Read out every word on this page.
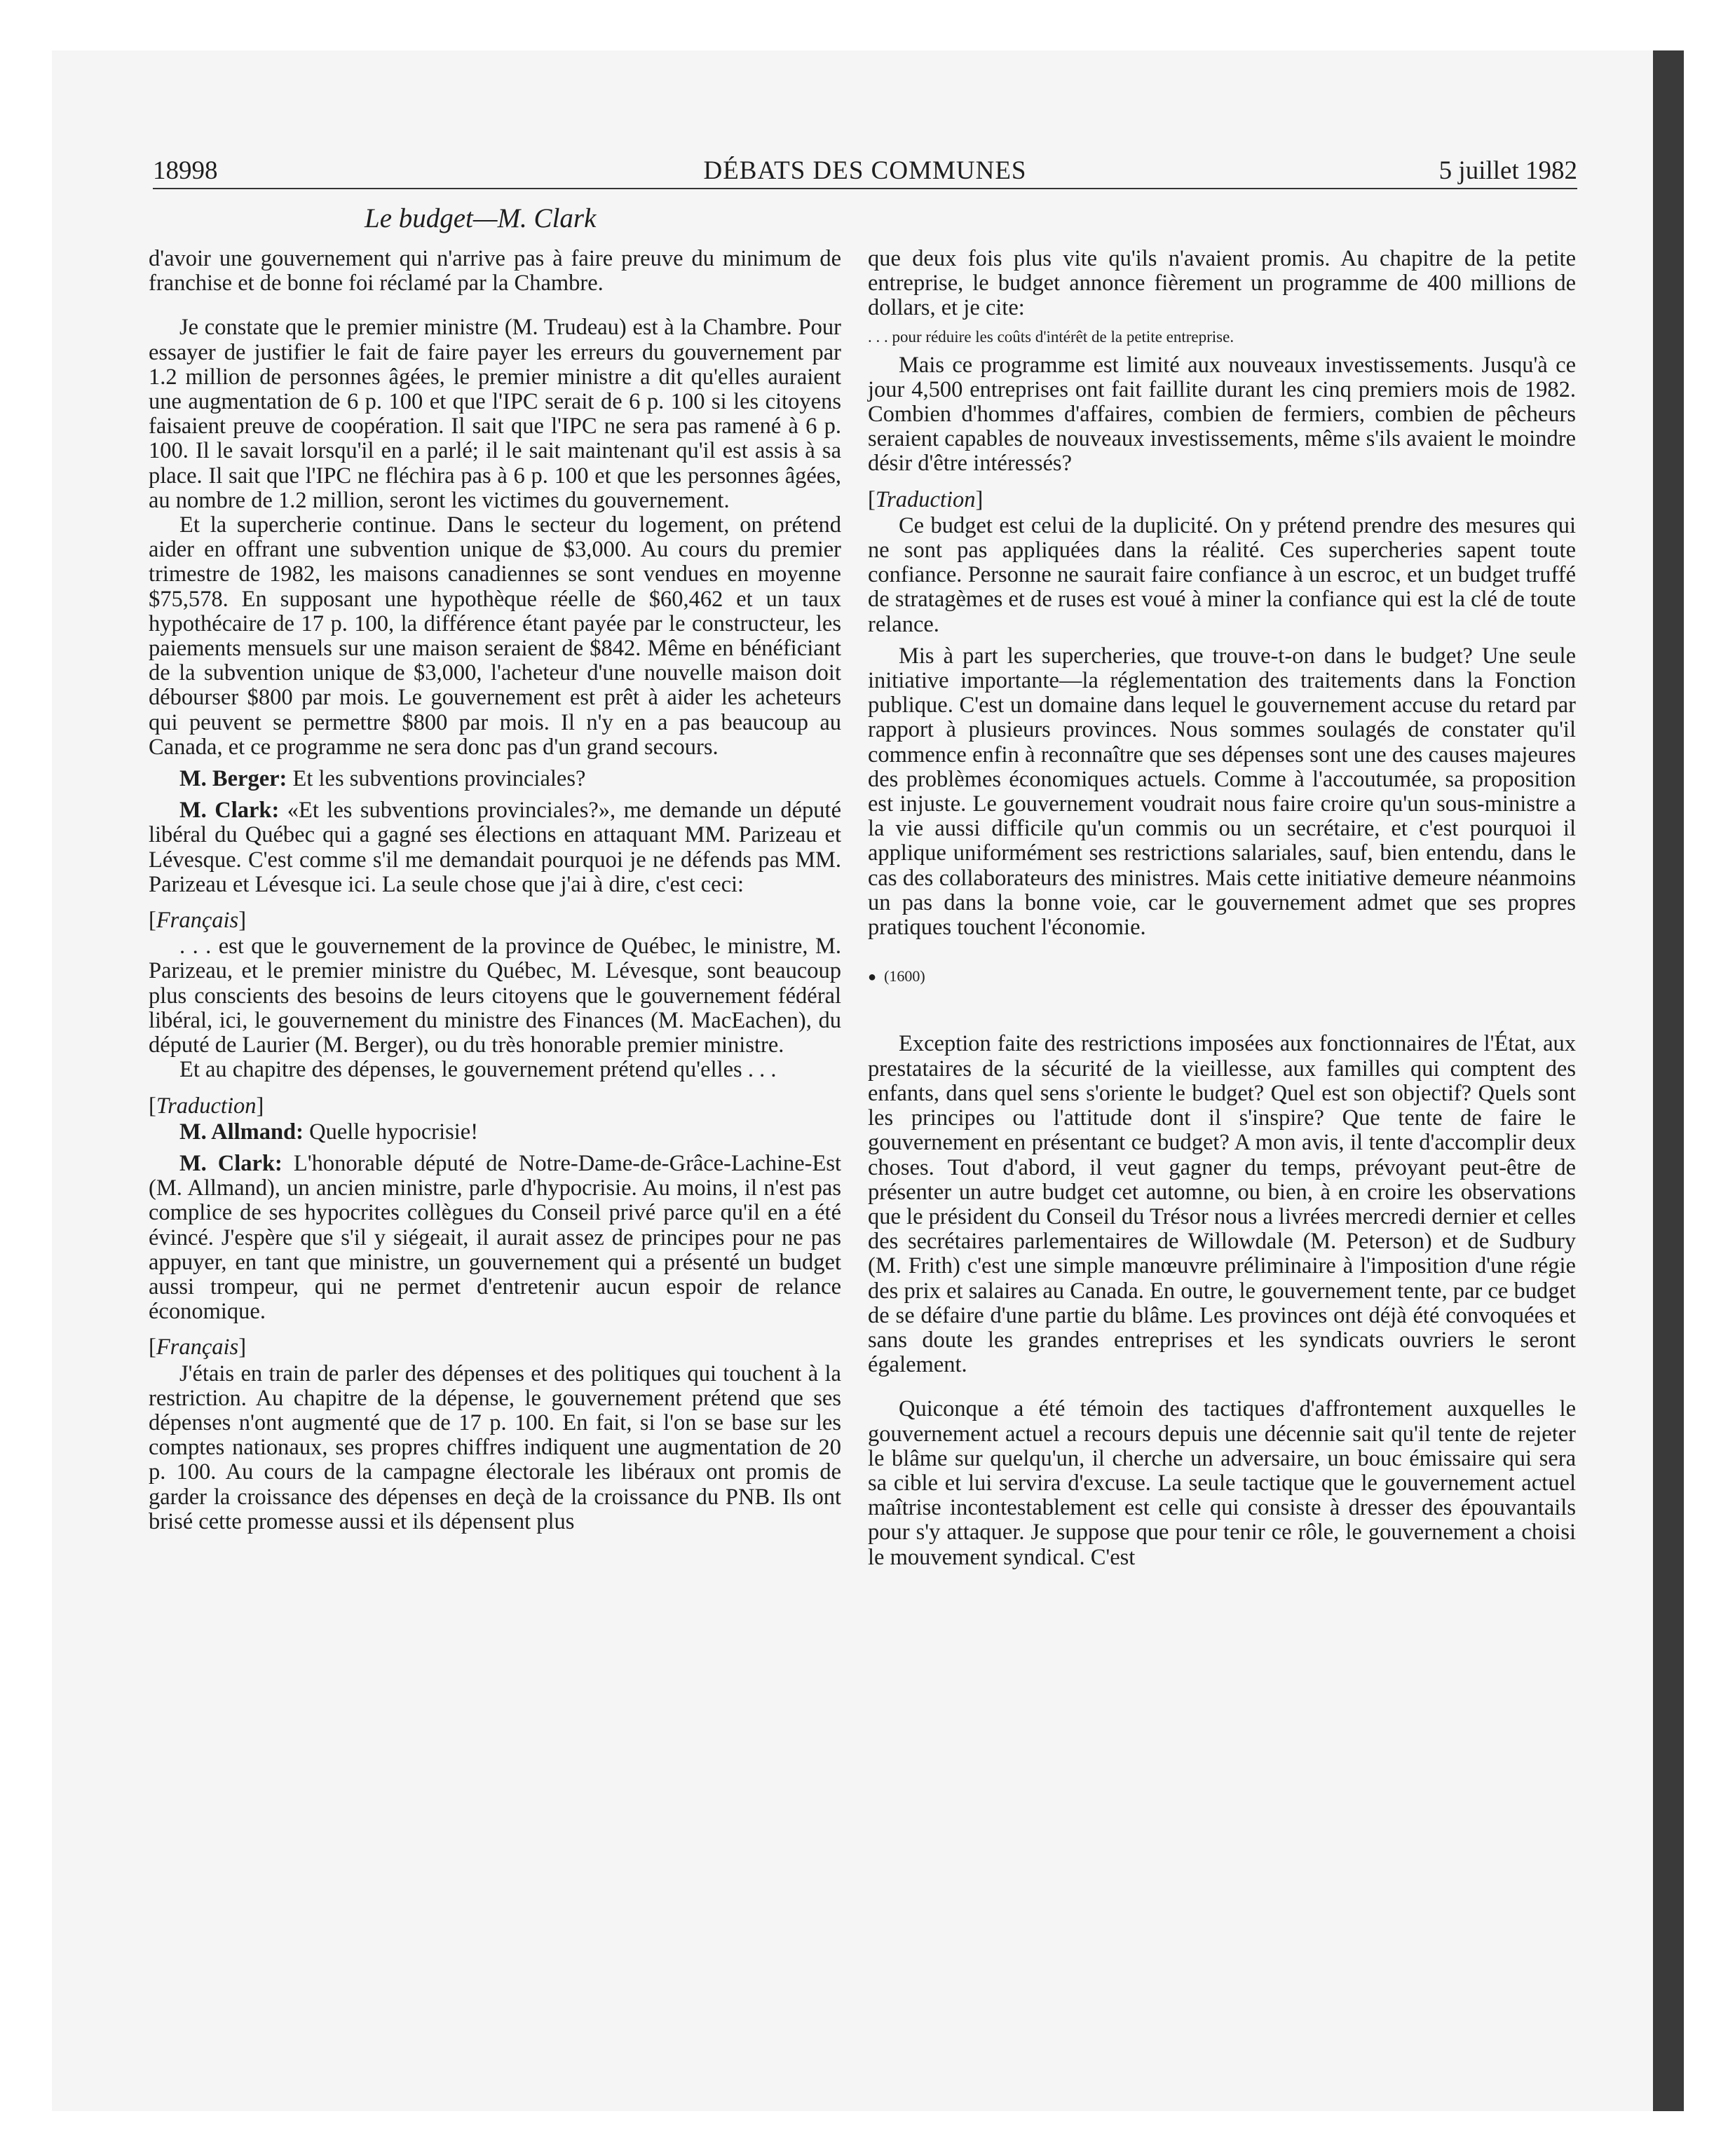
18998	DÉBATS DES COMMUNES	5 juillet 1982
Le budget—M. Clark

d'avoir une gouvernement qui n'arrive pas à faire preuve du minimum de franchise et de bonne foi réclamé par la Chambre.

Je constate que le premier ministre (M. Trudeau) est à la Chambre. Pour essayer de justifier le fait de faire payer les erreurs du gouvernement par 1.2 million de personnes âgées, le premier ministre a dit qu'elles auraient une augmentation de 6 p. 100 et que l'IPC serait de 6 p. 100 si les citoyens faisaient preuve de coopération. Il sait que l'IPC ne sera pas ramené à 6 p. 100. Il le savait lorsqu'il en a parlé; il le sait maintenant qu'il est assis à sa place. Il sait que l'IPC ne fléchira pas à 6 p. 100 et que les personnes âgées, au nombre de 1.2 million, seront les victimes du gouvernement.

Et la supercherie continue. Dans le secteur du logement, on prétend aider en offrant une subvention unique de $3,000. Au cours du premier trimestre de 1982, les maisons canadiennes se sont vendues en moyenne $75,578. En supposant une hypothèque réelle de $60,462 et un taux hypothécaire de 17 p. 100, la différence étant payée par le constructeur, les paiements mensuels sur une maison seraient de $842. Même en bénéficiant de la subvention unique de $3,000, l'acheteur d'une nouvelle maison doit débourser $800 par mois. Le gouvernement est prêt à aider les acheteurs qui peuvent se permettre $800 par mois. Il n'y en a pas beaucoup au Canada, et ce programme ne sera donc pas d'un grand secours.

M. Berger: Et les subventions provinciales?

M. Clark: «Et les subventions provinciales?», me demande un député libéral du Québec qui a gagné ses élections en attaquant MM. Parizeau et Lévesque. C'est comme s'il me demandait pourquoi je ne défends pas MM. Parizeau et Lévesque ici. La seule chose que j'ai à dire, c'est ceci:

[Français]

. . . est que le gouvernement de la province de Québec, le ministre, M. Parizeau, et le premier ministre du Québec, M. Lévesque, sont beaucoup plus conscients des besoins de leurs citoyens que le gouvernement fédéral libéral, ici, le gouvernement du ministre des Finances (M. MacEachen), du député de Laurier (M. Berger), ou du très honorable premier ministre.

Et au chapitre des dépenses, le gouvernement prétend qu'elles . . .

[Traduction]

M. Allmand: Quelle hypocrisie!

M. Clark: L'honorable député de Notre-Dame-de-Grâce-Lachine-Est (M. Allmand), un ancien ministre, parle d'hypocrisie. Au moins, il n'est pas complice de ses hypocrites collègues du Conseil privé parce qu'il en a été évincé. J'espère que s'il y siégeait, il aurait assez de principes pour ne pas appuyer, en tant que ministre, un gouvernement qui a présenté un budget aussi trompeur, qui ne permet d'entretenir aucun espoir de relance économique.

[Français]

J'étais en train de parler des dépenses et des politiques qui touchent à la restriction. Au chapitre de la dépense, le gouvernement prétend que ses dépenses n'ont augmenté que de 17 p. 100. En fait, si l'on se base sur les comptes nationaux, ses propres chiffres indiquent une augmentation de 20 p. 100. Au cours de la campagne électorale les libéraux ont promis de garder la croissance des dépenses en deçà de la croissance du PNB. Ils ont brisé cette promesse aussi et ils dépensent plus

que deux fois plus vite qu'ils n'avaient promis. Au chapitre de la petite entreprise, le budget annonce fièrement un programme de 400 millions de dollars, et je cite:

. . . pour réduire les coûts d'intérêt de la petite entreprise.

Mais ce programme est limité aux nouveaux investissements. Jusqu'à ce jour 4,500 entreprises ont fait faillite durant les cinq premiers mois de 1982. Combien d'hommes d'affaires, combien de fermiers, combien de pêcheurs seraient capables de nouveaux investissements, même s'ils avaient le moindre désir d'être intéressés?

[Traduction]

Ce budget est celui de la duplicité. On y prétend prendre des mesures qui ne sont pas appliquées dans la réalité. Ces supercheries sapent toute confiance. Personne ne saurait faire confiance à un escroc, et un budget truffé de stratagèmes et de ruses est voué à miner la confiance qui est la clé de toute relance.

Mis à part les supercheries, que trouve-t-on dans le budget? Une seule initiative importante—la réglementation des traitements dans la Fonction publique. C'est un domaine dans lequel le gouvernement accuse du retard par rapport à plusieurs provinces. Nous sommes soulagés de constater qu'il commence enfin à reconnaître que ses dépenses sont une des causes majeures des problèmes économiques actuels. Comme à l'accoutumée, sa proposition est injuste. Le gouvernement voudrait nous faire croire qu'un sous-ministre a la vie aussi difficile qu'un commis ou un secrétaire, et c'est pourquoi il applique uniformément ses restrictions salariales, sauf, bien entendu, dans le cas des collaborateurs des ministres. Mais cette initiative demeure néanmoins un pas dans la bonne voie, car le gouvernement admet que ses propres pratiques touchent l'économie.

● (1600)

Exception faite des restrictions imposées aux fonctionnaires de l'État, aux prestataires de la sécurité de la vieillesse, aux familles qui comptent des enfants, dans quel sens s'oriente le budget? Quel est son objectif? Quels sont les principes ou l'attitude dont il s'inspire? Que tente de faire le gouvernement en présentant ce budget? A mon avis, il tente d'accomplir deux choses. Tout d'abord, il veut gagner du temps, prévoyant peut-être de présenter un autre budget cet automne, ou bien, à en croire les observations que le président du Conseil du Trésor nous a livrées mercredi dernier et celles des secrétaires parlementaires de Willowdale (M. Peterson) et de Sudbury (M. Frith) c'est une simple manœuvre préliminaire à l'imposition d'une régie des prix et salaires au Canada. En outre, le gouvernement tente, par ce budget de se défaire d'une partie du blâme. Les provinces ont déjà été convoquées et sans doute les grandes entreprises et les syndicats ouvriers le seront également.

Quiconque a été témoin des tactiques d'affrontement auxquelles le gouvernement actuel a recours depuis une décennie sait qu'il tente de rejeter le blâme sur quelqu'un, il cherche un adversaire, un bouc émissaire qui sera sa cible et lui servira d'excuse. La seule tactique que le gouvernement actuel maîtrise incontestablement est celle qui consiste à dresser des épouvantails pour s'y attaquer. Je suppose que pour tenir ce rôle, le gouvernement a choisi le mouvement syndical. C'est
